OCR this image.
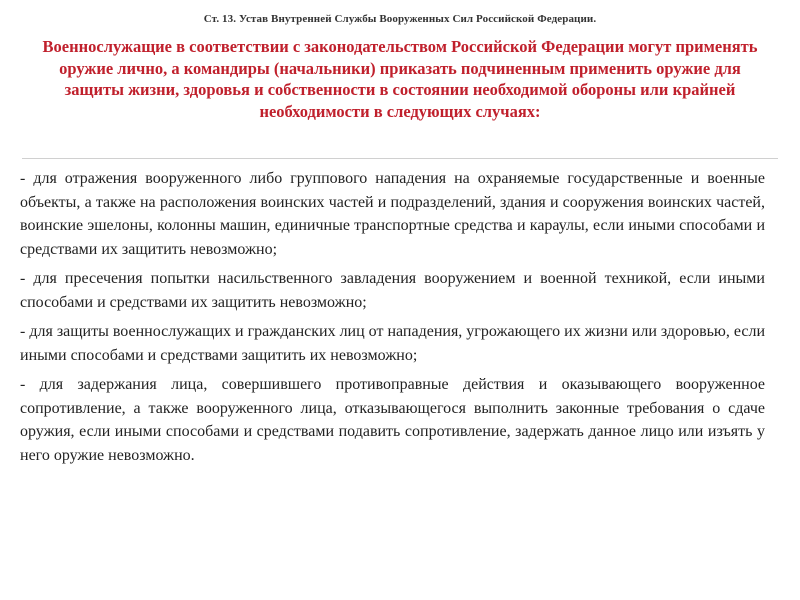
Ст. 13. Устав Внутренней Службы Вооруженных Сил Российской Федерации.
Военнослужащие в соответствии с законодательством Российской Федерации могут применять оружие лично, а командиры (начальники) приказать подчиненным применить оружие для защиты жизни, здоровья и собственности в состоянии необходимой обороны или крайней необходимости в следующих случаях:

- для отражения вооруженного либо группового нападения на охраняемые государственные и военные объекты, а также на расположения воинских частей и подразделений, здания и сооружения воинских частей, воинские эшелоны, колонны машин, единичные транспортные средства и караулы, если иными способами и средствами их защитить невозможно;

- для пресечения попытки насильственного завладения вооружением и военной техникой, если иными способами и средствами их защитить невозможно;

- для защиты военнослужащих и гражданских лиц от нападения, угрожающего их жизни или здоровью, если иными способами и средствами защитить их невозможно;

- для задержания лица, совершившего противоправные действия и оказывающего вооруженное сопротивление, а также вооруженного лица, отказывающегося выполнить законные требования о сдаче оружия, если иными способами и средствами подавить сопротивление, задержать данное лицо или изъять у него оружие невозможно.
